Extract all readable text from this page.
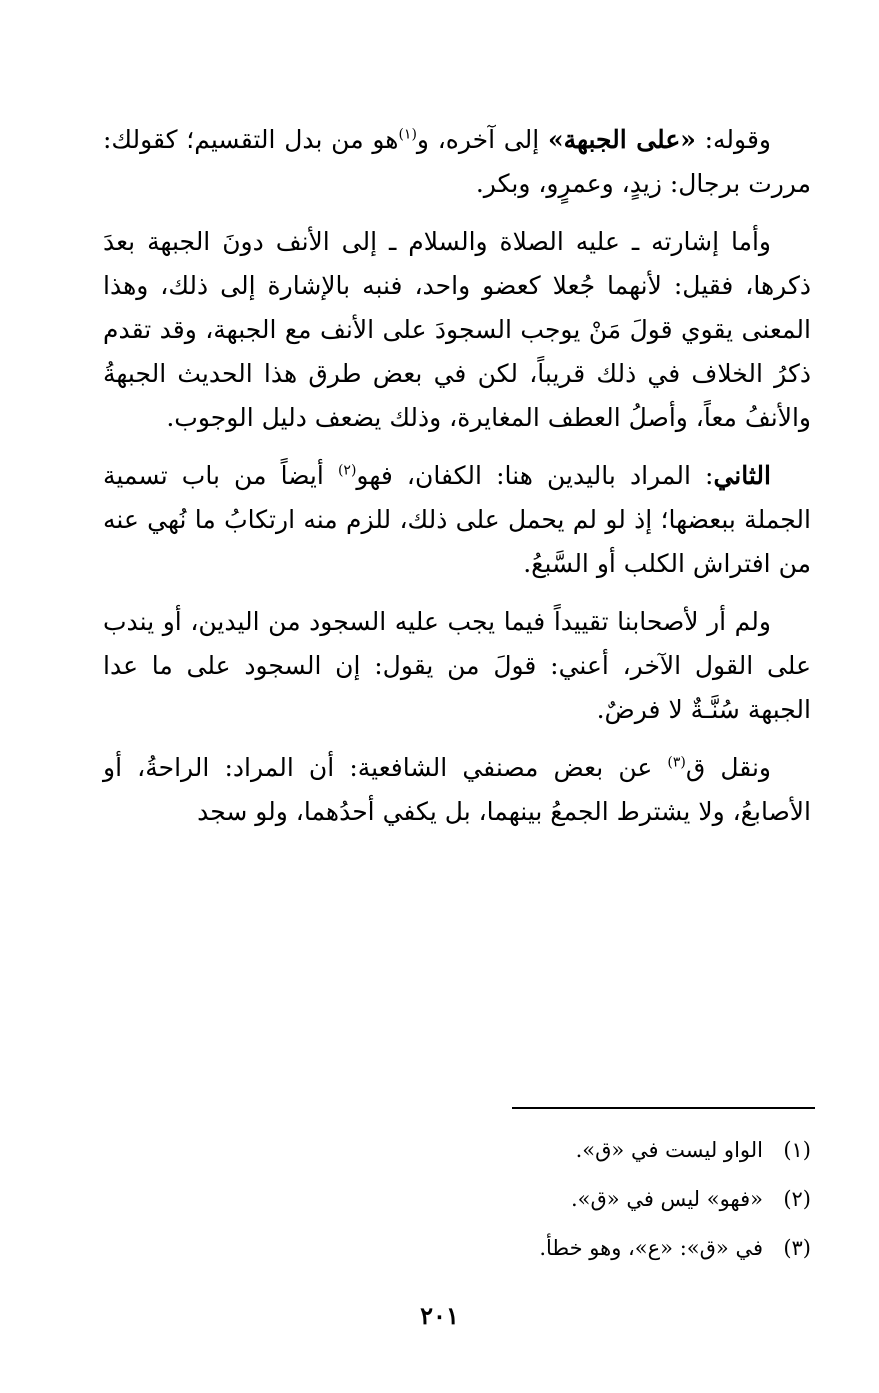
وقوله: «على الجبهة» إلى آخره، و$^{(١)}$هو من بدل التقسيم؛ كقولك: مررت برجال: زيدٍ، وعمرٍو، وبكر.

وأما إشارته ـ عليه الصلاة والسلام ـ إلى الأنف دونَ الجبهة بعدَ ذكرها، فقيل: لأنهما جُعلا كعضو واحد، فنبه بالإشارة إلى ذلك، وهذا المعنى يقوي قولَ مَنْ يوجب السجودَ على الأنف مع الجبهة، وقد تقدم ذكرُ الخلاف في ذلك قريباً، لكن في بعض طرق هذا الحديث الجبهةُ والأنفُ معاً، وأصلُ العطف المغايرة، وذلك يضعف دليل الوجوب.

الثاني: المراد باليدين هنا: الكفان، فهو$^{(٢)}$ أيضاً من باب تسمية الجملة ببعضها؛ إذ لو لم يحمل على ذلك، للزم منه ارتكابُ ما نُهي عنه من افتراش الكلب أو السَّبعُ.

ولم أر لأصحابنا تقييداً فيما يجب عليه السجود من اليدين، أو يندب على القول الآخر، أعني: قولَ من يقول: إن السجود على ما عدا الجبهة سُنَّـةٌ لا فرضٌ.

ونقل ق$^{(٣)}$ عن بعض مصنفي الشافعية: أن المراد: الراحةُ، أو الأصابعُ، ولا يشترط الجمعُ بينهما، بل يكفي أحدُهما، ولو سجد

(١)
الواو ليست في «ق».
(٢)
«فهو» ليس في «ق».
(٣)
في «ق»: «ع»، وهو خطأ.
٢٠١
